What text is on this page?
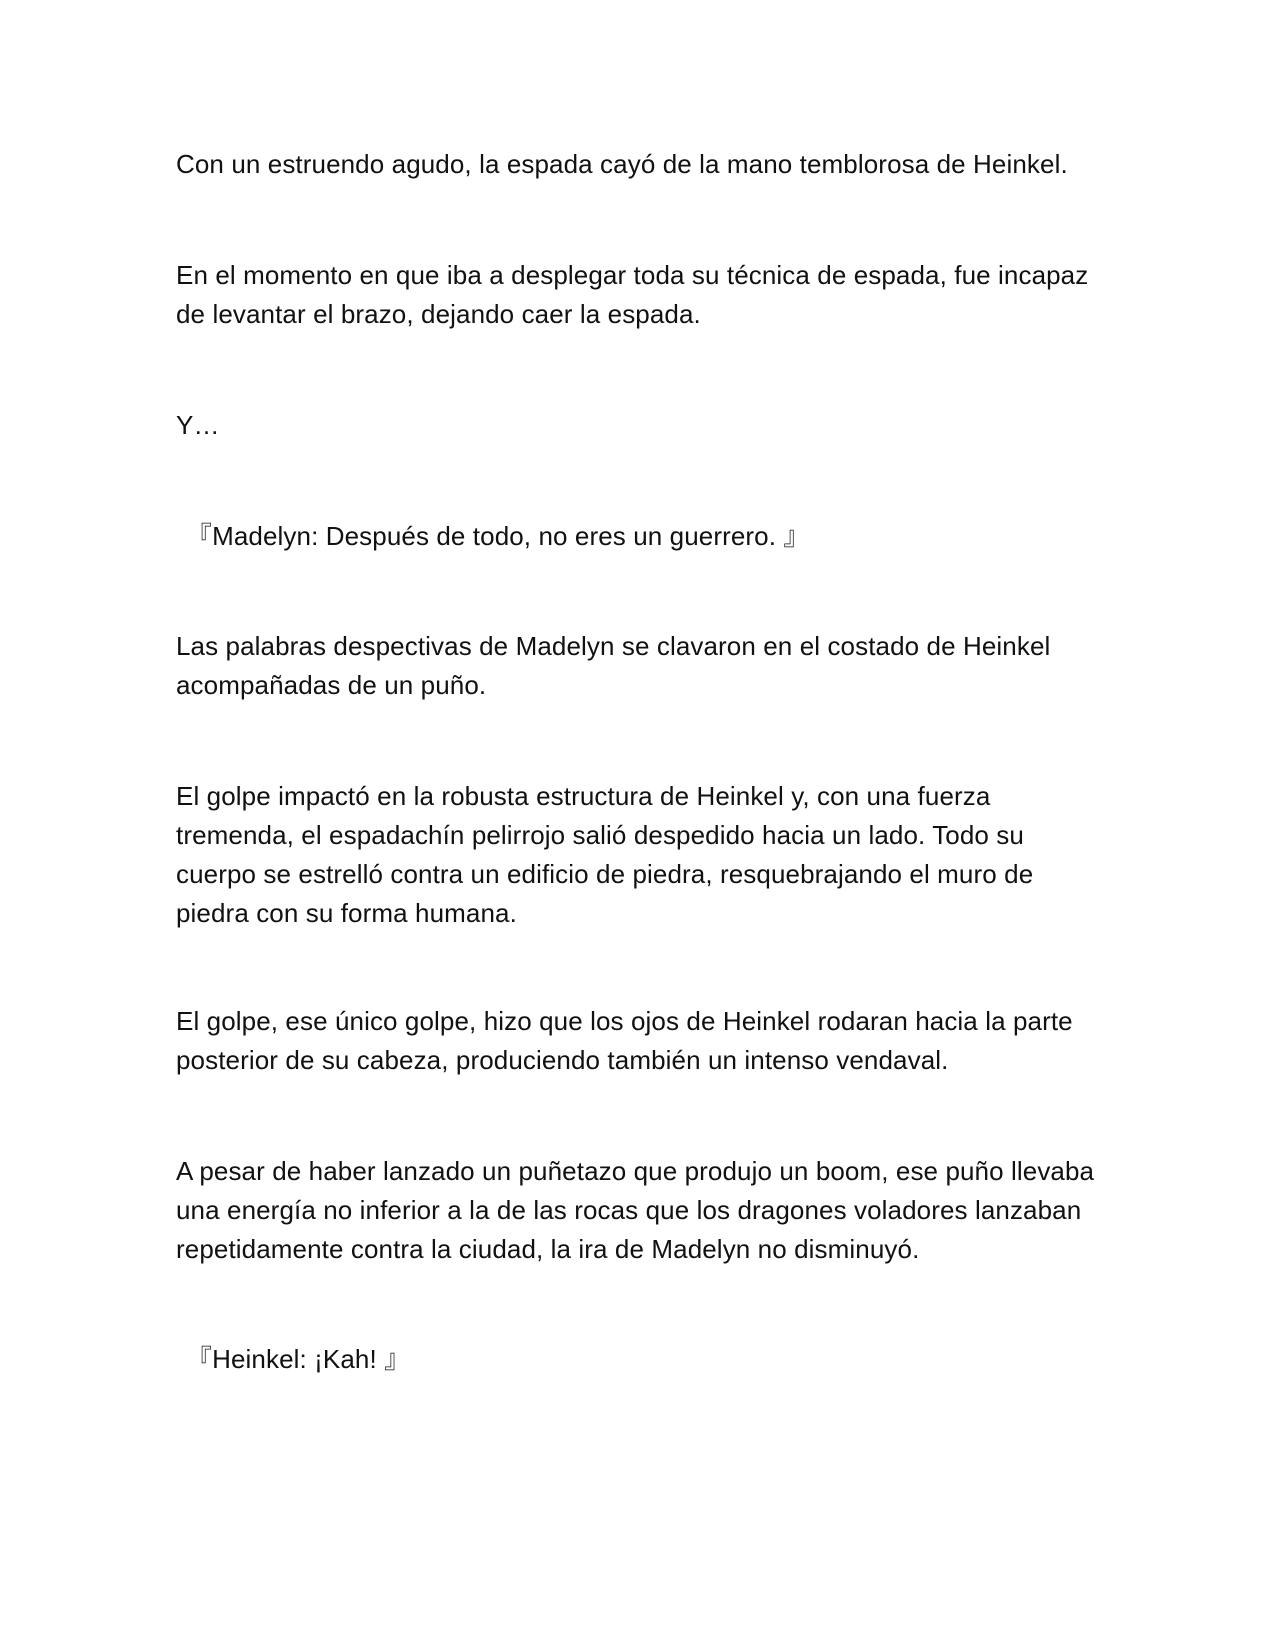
Con un estruendo agudo, la espada cayó de la mano temblorosa de Heinkel.

En el momento en que iba a desplegar toda su técnica de espada, fue incapaz de levantar el brazo, dejando caer la espada.

Y…

『Madelyn: Después de todo, no eres un guerrero. 』

Las palabras despectivas de Madelyn se clavaron en el costado de Heinkel acompañadas de un puño.

El golpe impactó en la robusta estructura de Heinkel y, con una fuerza tremenda, el espadachín pelirrojo salió despedido hacia un lado. Todo su cuerpo se estrelló contra un edificio de piedra, resquebrajando el muro de piedra con su forma humana.

El golpe, ese único golpe, hizo que los ojos de Heinkel rodaran hacia la parte posterior de su cabeza, produciendo también un intenso vendaval.

A pesar de haber lanzado un puñetazo que produjo un boom, ese puño llevaba una energía no inferior a la de las rocas que los dragones voladores lanzaban repetidamente contra la ciudad, la ira de Madelyn no disminuyó.

『Heinkel: ¡Kah! 』
